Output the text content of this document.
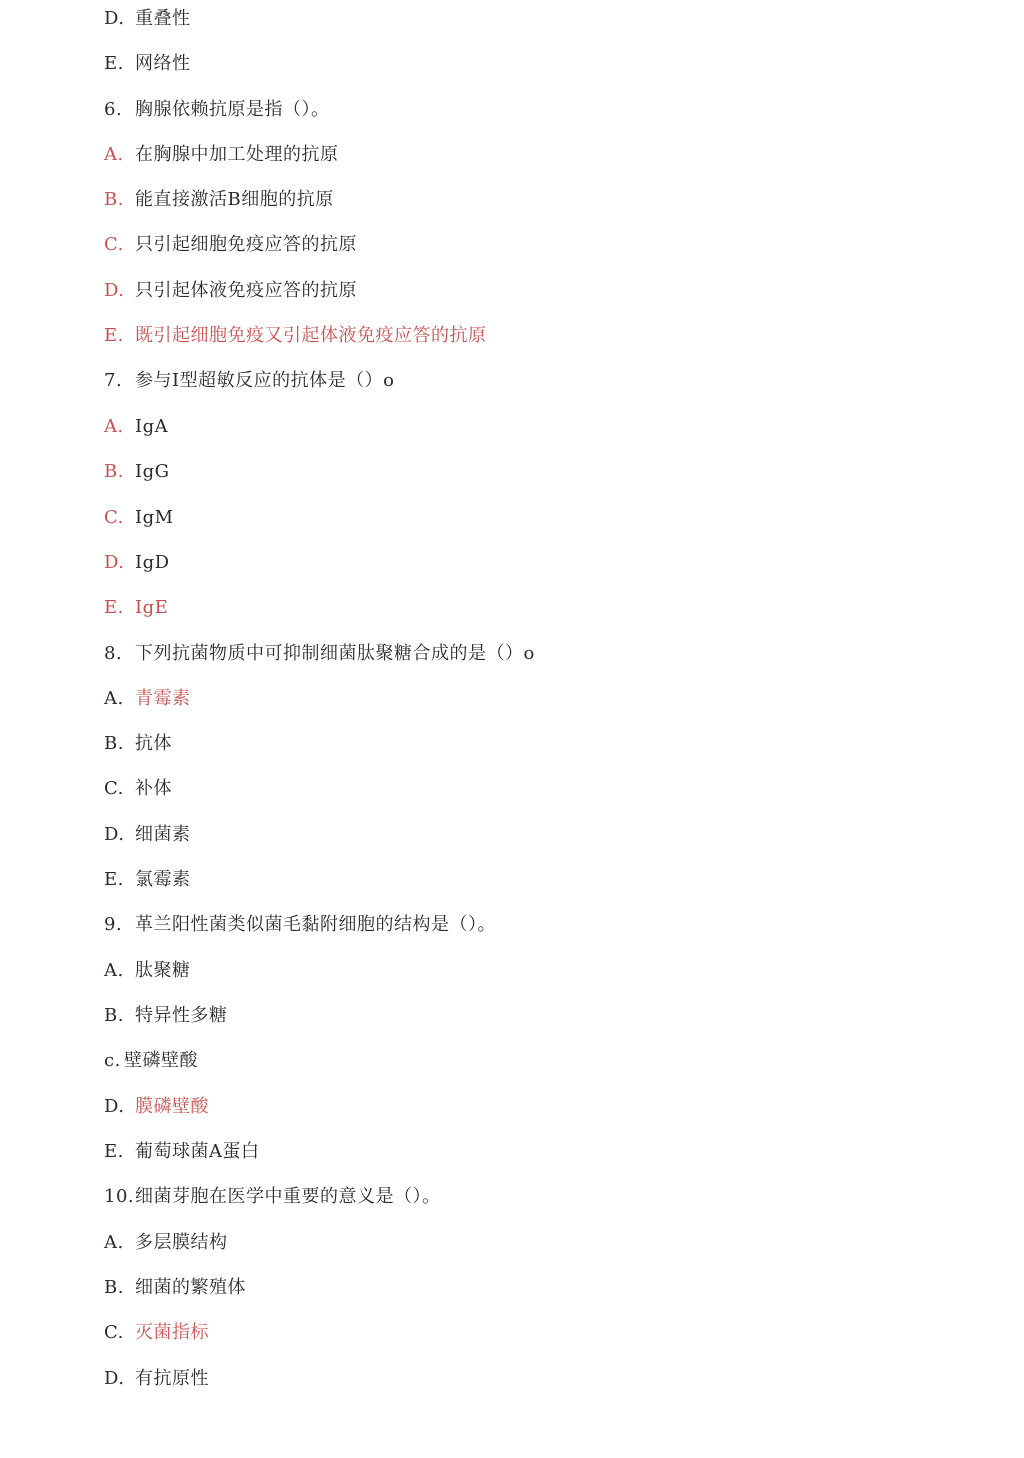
D. 重叠性
E. 网络性
6. 胸腺依赖抗原是指（）。
A. 在胸腺中加工处理的抗原
B. 能直接激活B细胞的抗原
C. 只引起细胞免疫应答的抗原
D. 只引起体液免疫应答的抗原
E. 既引起细胞免疫又引起体液免疫应答的抗原
7. 参与I型超敏反应的抗体是（）o
A. IgA
B. IgG
C. IgM
D. IgD
E. IgE
8. 下列抗菌物质中可抑制细菌肽聚糖合成的是（）o
A. 青霉素
B. 抗体
C. 补体
D. 细菌素
E. 氯霉素
9. 革兰阳性菌类似菌毛黏附细胞的结构是（）。
A. 肽聚糖
B. 特异性多糖
c. 壁磷壁酸
D. 膜磷壁酸
E. 葡萄球菌A蛋白
10.细菌芽胞在医学中重要的意义是（）。
A. 多层膜结构
B. 细菌的繁殖体
C. 灭菌指标
D. 有抗原性
